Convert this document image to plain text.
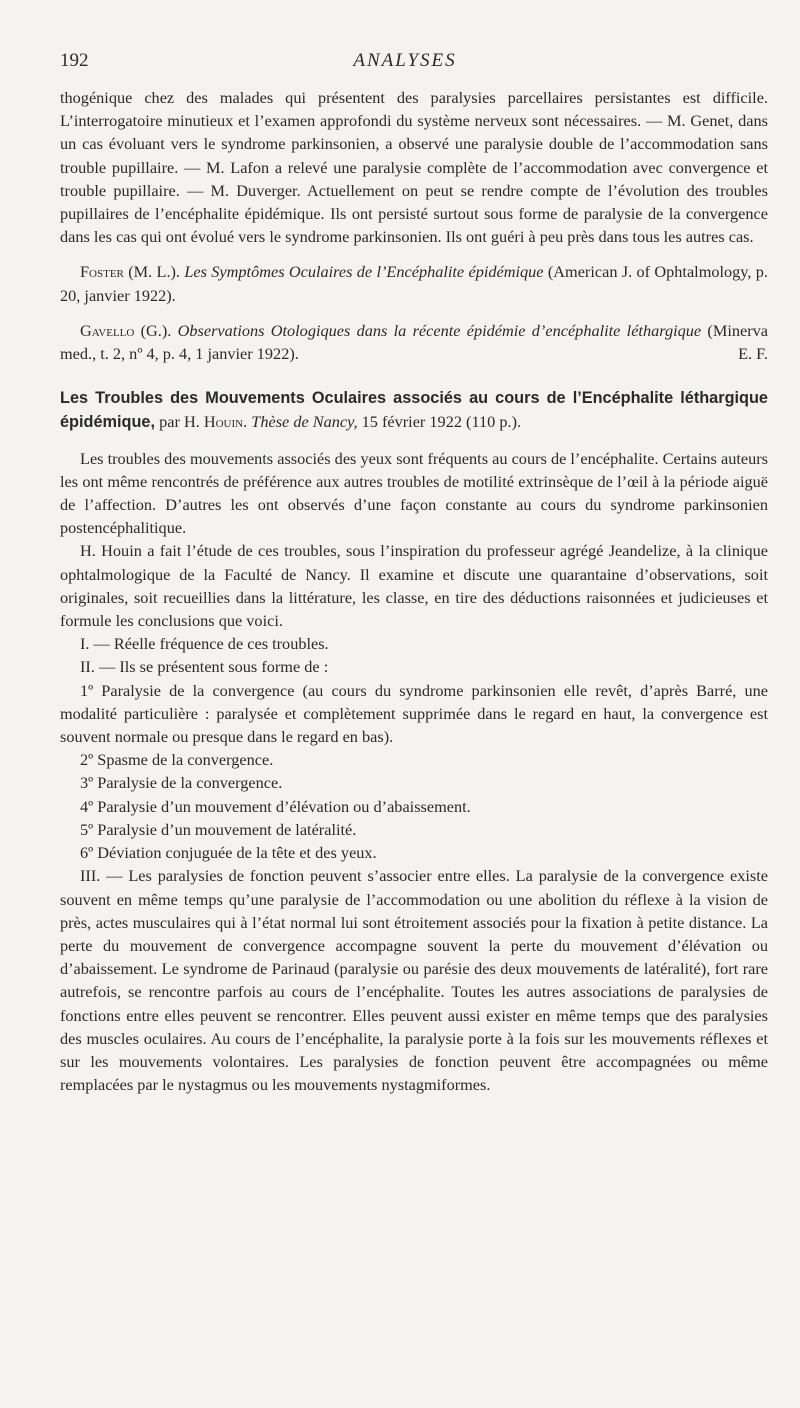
192	ANALYSES

thogénique chez des malades qui présentent des paralysies parcellaires persistantes est difficile. L’interrogatoire minutieux et l’examen approfondi du système nerveux sont nécessaires. — M. Genet, dans un cas évoluant vers le syndrome parkinsonien, a observé une paralysie double de l’accommodation sans trouble pupillaire. — M. Lafon a relevé une paralysie complète de l’accommodation avec convergence et trouble pupillaire. — M. Duverger. Actuellement on peut se rendre compte de l’évolution des troubles pupillaires de l’encéphalite épidémique. Ils ont persisté surtout sous forme de paralysie de la convergence dans les cas qui ont évolué vers le syndrome parkinsonien. Ils ont guéri à peu près dans tous les autres cas.

Foster (M. L.). Les Symptômes Oculaires de l’Encéphalite épidémique (American J. of Ophtalmology, p. 20, janvier 1922).

Gavello (G.). Observations Otologiques dans la récente épidémie d’encéphalite léthargique (Minerva med., t. 2, nº 4, p. 4, 1 janvier 1922).	E. F.

Les Troubles des Mouvements Oculaires associés au cours de l’Encéphalite léthargique épidémique, par H. Houin. Thèse de Nancy, 15 février 1922 (110 p.).

Les troubles des mouvements associés des yeux sont fréquents au cours de l’encéphalite. Certains auteurs les ont même rencontrés de préférence aux autres troubles de motilité extrinsèque de l’œil à la période aiguë de l’affection. D’autres les ont observés d’une façon constante au cours du syndrome parkinsonien postencéphalitique.

H. Houin a fait l’étude de ces troubles, sous l’inspiration du professeur agrégé Jeandelize, à la clinique ophtalmologique de la Faculté de Nancy. Il examine et discute une quarantaine d’observations, soit originales, soit recueillies dans la littérature, les classe, en tire des déductions raisonnées et judicieuses et formule les conclusions que voici.

I. — Réelle fréquence de ces troubles.

II. — Ils se présentent sous forme de :

1º Paralysie de la convergence (au cours du syndrome parkinsonien elle revêt, d’après Barré, une modalité particulière : paralysée et complètement supprimée dans le regard en haut, la convergence est souvent normale ou presque dans le regard en bas).

2º Spasme de la convergence.

3º Paralysie de la convergence.

4º Paralysie d’un mouvement d’élévation ou d’abaissement.

5º Paralysie d’un mouvement de latéralité.

6º Déviation conjuguée de la tête et des yeux.

III. — Les paralysies de fonction peuvent s’associer entre elles. La paralysie de la convergence existe souvent en même temps qu’une paralysie de l’accommodation ou une abolition du réflexe à la vision de près, actes musculaires qui à l’état normal lui sont étroitement associés pour la fixation à petite distance. La perte du mouvement de convergence accompagne souvent la perte du mouvement d’élévation ou d’abaissement. Le syndrome de Parinaud (paralysie ou parésie des deux mouvements de latéralité), fort rare autrefois, se rencontre parfois au cours de l’encéphalite. Toutes les autres associations de paralysies de fonctions entre elles peuvent se rencontrer. Elles peuvent aussi exister en même temps que des paralysies des muscles oculaires. Au cours de l’encéphalite, la paralysie porte à la fois sur les mouvements réflexes et sur les mouvements volontaires. Les paralysies de fonction peuvent être accompagnées ou même remplacées par le nystagmus ou les mouvements nystagmiformes.
